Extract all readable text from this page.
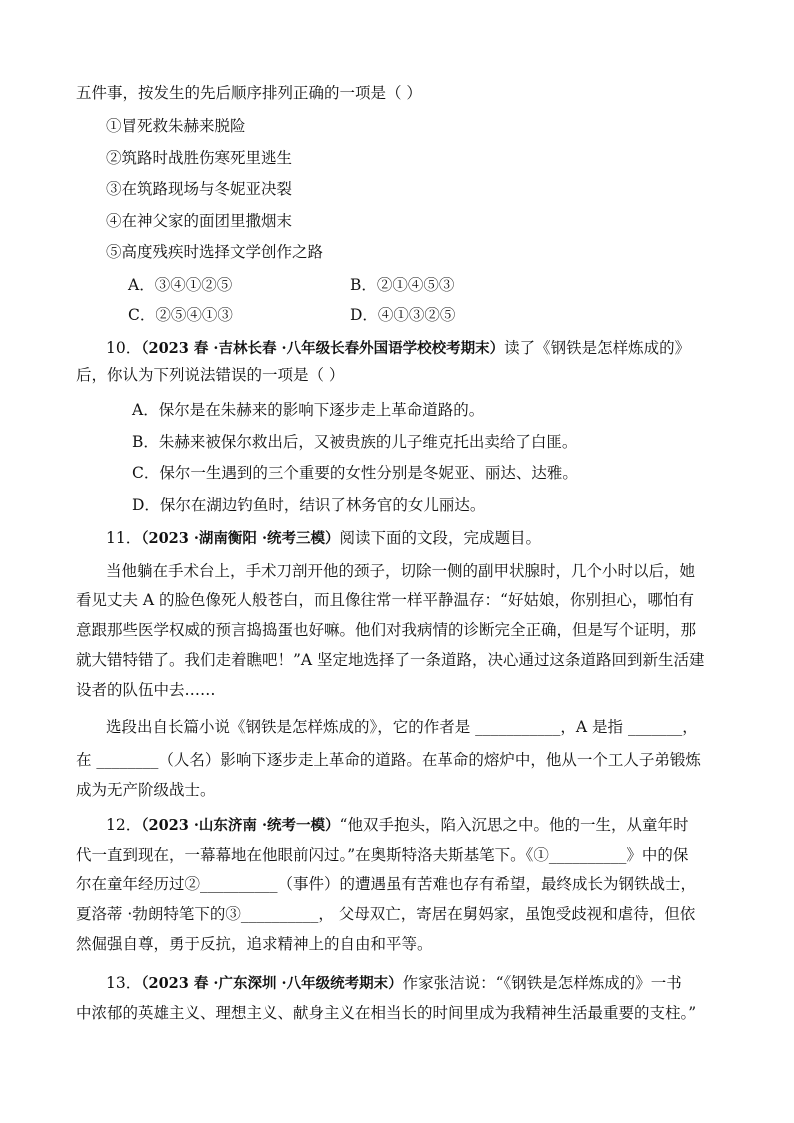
五件事，按发生的先后顺序排列正确的一项是（ ）
①冒死救朱赫来脱险
②筑路时战胜伤寒死里逃生
③在筑路现场与冬妮亚决裂
④在神父家的面团里撒烟末
⑤高度残疾时选择文学创作之路
A．③④①②⑤	B．②①④⑤③
C．②⑤④①③	D．④①③②⑤
10．（2023 春 ·吉林长春 ·八年级长春外国语学校校考期末）读了《钢铁是怎样炼成的》
后，你认为下列说法错误的一项是（ ）
A．保尔是在朱赫来的影响下逐步走上革命道路的。
B．朱赫来被保尔救出后，又被贵族的儿子维克托出卖给了白匪。
C．保尔一生遇到的三个重要的女性分别是冬妮亚、丽达、达雅。
D．保尔在湖边钓鱼时，结识了林务官的女儿丽达。
11．（2023 ·湖南衡阳 ·统考三模）阅读下面的文段，完成题目。
当他躺在手术台上，手术刀剖开他的颈子，切除一侧的副甲状腺时，几个小时以后，她
看见丈夫 A 的脸色像死人般苍白，而且像往常一样平静温存：“好姑娘，你别担心，哪怕有
意跟那些医学权威的预言捣捣蛋也好嘛。他们对我病情的诊断完全正确，但是写个证明，那
就大错特错了。我们走着瞧吧！”A 坚定地选择了一条道路，决心通过这条道路回到新生活建
设者的队伍中去……
选段出自长篇小说《钢铁是怎样炼成的》，它的作者是 ___________，A 是指 _______，
在 ________（人名）影响下逐步走上革命的道路。在革命的熔炉中，他从一个工人子弟锻炼
成为无产阶级战士。
12．（2023 ·山东济南 ·统考一模）“他双手抱头，陷入沉思之中。他的一生，从童年时
代一直到现在，一幕幕地在他眼前闪过。”在奥斯特洛夫斯基笔下。《①__________》中的保
尔在童年经历过②__________（事件）的遭遇虽有苦难也存有希望，最终成长为钢铁战士，
夏洛蒂 ·勃朗特笔下的③__________， 父母双亡，寄居在舅妈家，虽饱受歧视和虐待，但依
然倔强自尊，勇于反抗，追求精神上的自由和平等。
13．（2023 春 ·广东深圳 ·八年级统考期末）作家张洁说：“《钢铁是怎样炼成的》一书
中浓郁的英雄主义、理想主义、献身主义在相当长的时间里成为我精神生活最重要的支柱。”
